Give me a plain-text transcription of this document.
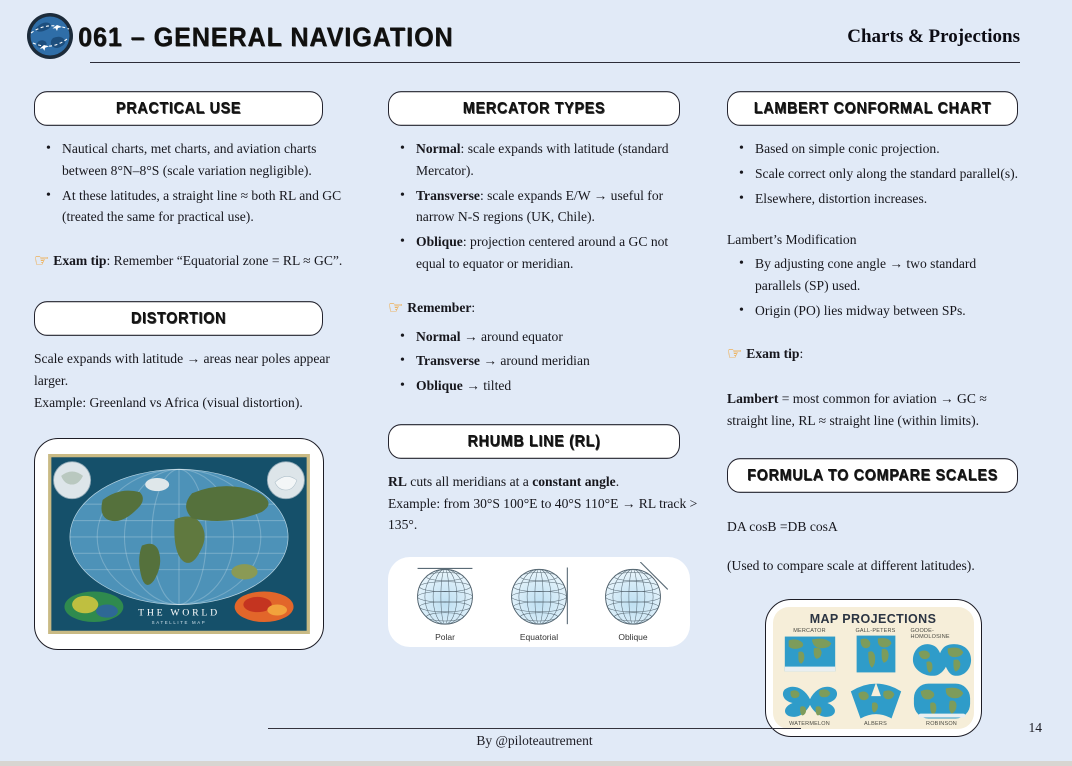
061 – GENERAL NAVIGATION	Charts & Projections
PRACTICAL USE
• Nautical charts, met charts, and aviation charts between 8°N–8°S (scale variation negligible).
• At these latitudes, a straight line ≈ both RL and GC (treated the same for practical use).

☞ Exam tip: Remember “Equatorial zone = RL ≈ GC”.

DISTORTION

Scale expands with latitude → areas near poles appear larger.
Example: Greenland vs Africa (visual distortion).

THE WORLD
SATELLITE MAP
MERCATOR TYPES
• Normal: scale expands with latitude (standard Mercator).
• Transverse: scale expands E/W → useful for narrow N-S regions (UK, Chile).
• Oblique: projection centered around a GC not equal to equator or meridian.

☞ Remember:

• Normal → around equator
• Transverse → around meridian
• Oblique → tilted
RHUMB LINE (RL)

RL cuts all meridians at a constant angle.
Example: from 30°S 100°E to 40°S 110°E → RL track > 135°.

Polar	Equatorial	Oblique
LAMBERT CONFORMAL CHART
• Based on simple conic projection.
• Scale correct only along the standard parallel(s).
• Elsewhere, distortion increases.

Lambert’s Modification

• By adjusting cone angle → two standard parallels (SP) used.
• Origin (PO) lies midway between SPs.

☞ Exam tip:

Lambert = most common for aviation → GC ≈ straight line, RL ≈ straight line (within limits).

FORMULA TO COMPARE SCALES

DA cosB =DB cosA

(Used to compare scale at different latitudes).

MAP PROJECTIONS
MERCATOR	GALL-PETERS	GOODE-HOMOLOSINE
WATERMELON	ALBERS	ROBINSON
By @piloteautrement
14
